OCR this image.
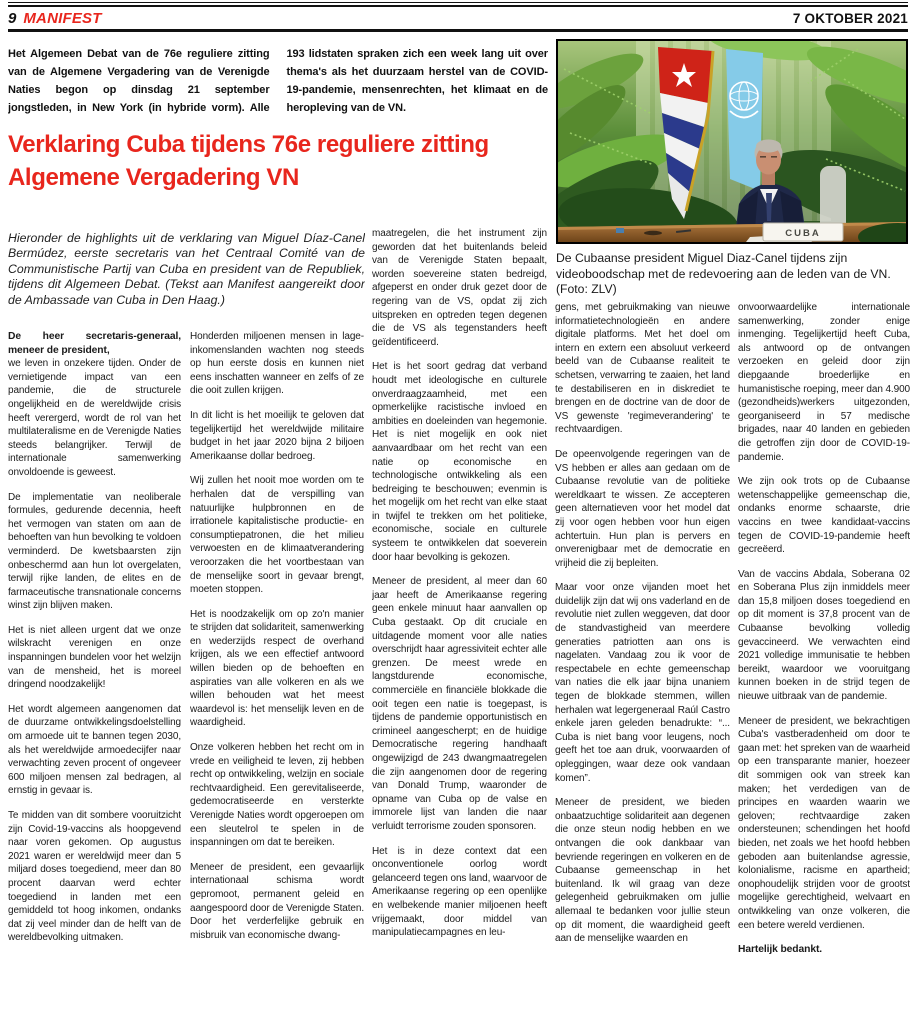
9 MANIFEST	7 OKTOBER 2021
Het Algemeen Debat van de 76e reguliere zitting van de Algemene Vergadering van de Verenigde Naties begon op dinsdag 21 september jongstleden, in New York (in hybride vorm). Alle 193 lidstaten spraken zich een week lang uit over thema's als het duurzaam herstel van de COVID-19-pandemie, mensenrechten, het klimaat en de heropleving van de VN.
Verklaring Cuba tijdens 76e reguliere zitting Algemene Vergadering VN
Hieronder de highlights uit de verklaring van Miguel Díaz-Canel Bermúdez, eerste secretaris van het Centraal Comité van de Communistische Partij van Cuba en president van de Republiek, tijdens dit Algemeen Debat. (Tekst aan Manifest aangereikt door de Ambassade van Cuba in Den Haag.)
CUBA
De Cubaanse president Miguel Diaz-Canel tijdens zijn videoboodschap met de redevoering aan de leden van de VN. (Foto: ZLV)
De heer secretaris-generaal, meneer de president,

we leven in onzekere tijden. Onder de vernietigende impact van een pandemie, die de structurele ongelijkheid en de wereldwijde crisis heeft verergerd, wordt de rol van het multilateralisme en de Verenigde Naties steeds belangrijker. Terwijl de internationale samenwerking onvoldoende is geweest.

De implementatie van neoliberale formules, gedurende decennia, heeft het vermogen van staten om aan de behoeften van hun bevolking te voldoen verminderd. De kwetsbaarsten zijn onbeschermd aan hun lot overgelaten, terwijl rijke landen, de elites en de farmaceutische transnationale concerns winst zijn blijven maken.

Het is niet alleen urgent dat we onze wilskracht verenigen en onze inspanningen bundelen voor het welzijn van de mensheid, het is moreel dringend noodzakelijk!

Het wordt algemeen aangenomen dat de duurzame ontwikkelingsdoelstelling om armoede uit te bannen tegen 2030, als het wereldwijde armoedecijfer naar verwachting zeven procent of ongeveer 600 miljoen mensen zal bedragen, al ernstig in gevaar is.

Te midden van dit sombere vooruitzicht zijn Covid-19-vaccins als hoopgevend naar voren gekomen. Op augustus 2021 waren er wereldwijd meer dan 5 miljard doses toegediend, meer dan 80 procent daarvan werd echter toegediend in landen met een gemiddeld tot hoog inkomen, ondanks dat zij veel minder dan de helft van de wereldbevolking uitmaken.

Honderden miljoenen mensen in lage-inkomenslanden wachten nog steeds op hun eerste dosis en kunnen niet eens inschatten wanneer en zelfs of ze die ooit zullen krijgen.

In dit licht is het moeilijk te geloven dat tegelijkertijd het wereldwijde militaire budget in het jaar 2020 bijna 2 biljoen Amerikaanse dollar bedroeg.

Wij zullen het nooit moe worden om te herhalen dat de verspilling van natuurlijke hulpbronnen en de irrationele kapitalistische productie- en consumptiepatronen, die het milieu verwoesten en de klimaatverandering veroorzaken die het voortbestaan van de menselijke soort in gevaar brengt, moeten stoppen.

Het is noodzakelijk om op zo'n manier te strijden dat solidariteit, samenwerking en wederzijds respect de overhand krijgen, als we een effectief antwoord willen bieden op de behoeften en aspiraties van alle volkeren en als we willen behouden wat het meest waardevol is: het menselijk leven en de waardigheid.

Onze volkeren hebben het recht om in vrede en veiligheid te leven, zij hebben recht op ontwikkeling, welzijn en sociale rechtvaardigheid. Een gerevitaliseerde, gedemocratiseerde en versterkte Verenigde Naties wordt opgeroepen om een sleutelrol te spelen in de inspanningen om dat te bereiken.

Meneer de president, een gevaarlijk internationaal schisma wordt gepromoot, permanent geleid en aangespoord door de Verenigde Staten. Door het verderfelijke gebruik en misbruik van economische dwang-

maatregelen, die het instrument zijn geworden dat het buitenlands beleid van de Verenigde Staten bepaalt, worden soevereine staten bedreigd, afgeperst en onder druk gezet door de regering van de VS, opdat zij zich uitspreken en optreden tegen degenen die de VS als tegenstanders heeft geïdentificeerd.

Het is het soort gedrag dat verband houdt met ideologische en culturele onverdraagzaamheid, met een opmerkelijke racistische invloed en ambities en doeleinden van hegemonie. Het is niet mogelijk en ook niet aanvaardbaar om het recht van een natie op economische en technologische ontwikkeling als een bedreiging te beschouwen; evenmin is het mogelijk om het recht van elke staat in twijfel te trekken om het politieke, economische, sociale en culturele systeem te ontwikkelen dat soeverein door haar bevolking is gekozen.

Meneer de president, al meer dan 60 jaar heeft de Amerikaanse regering geen enkele minuut haar aanvallen op Cuba gestaakt. Op dit cruciale en uitdagende moment voor alle naties overschrijdt haar agressiviteit echter alle grenzen. De meest wrede en langstdurende economische, commerciële en financiële blokkade die ooit tegen een natie is toegepast, is tijdens de pandemie opportunistisch en crimineel aangescherpt; en de huidige Democratische regering handhaaft ongewijzigd de 243 dwangmaatregelen die zijn aangenomen door de regering van Donald Trump, waaronder de opname van Cuba op de valse en immorele lijst van landen die naar verluidt terrorisme zouden sponsoren.

Het is in deze context dat een onconventionele oorlog wordt gelanceerd tegen ons land, waarvoor de Amerikaanse regering op een openlijke en welbekende manier miljoenen heeft vrijgemaakt, door middel van manipulatiecampagnes en leu-

gens, met gebruikmaking van nieuwe informatietechnologieën en andere digitale platforms. Met het doel om intern en extern een absoluut verkeerd beeld van de Cubaanse realiteit te schetsen, verwarring te zaaien, het land te destabiliseren en in diskrediet te brengen en de doctrine van de door de VS gewenste 'regimeverandering' te rechtvaardigen.

De opeenvolgende regeringen van de VS hebben er alles aan gedaan om de Cubaanse revolutie van de politieke wereldkaart te wissen. Ze accepteren geen alternatieven voor het model dat zij voor ogen hebben voor hun eigen achtertuin. Hun plan is pervers en onverenigbaar met de democratie en vrijheid die zij bepleiten.

Maar voor onze vijanden moet het duidelijk zijn dat wij ons vaderland en de revolutie niet zullen weggeven, dat door de standvastigheid van meerdere generaties patriotten aan ons is nagelaten. Vandaag zou ik voor de respectabele en echte gemeenschap van naties die elk jaar bijna unaniem tegen de blokkade stemmen, willen herhalen wat legergeneraal Raúl Castro enkele jaren geleden benadrukte: “... Cuba is niet bang voor leugens, noch geeft het toe aan druk, voorwaarden of opleggingen, waar deze ook vandaan komen”.

Meneer de president, we bieden onbaatzuchtige solidariteit aan degenen die onze steun nodig hebben en we ontvangen die ook dankbaar van bevriende regeringen en volkeren en de Cubaanse gemeenschap in het buitenland. Ik wil graag van deze gelegenheid gebruikmaken om jullie allemaal te bedanken voor jullie steun op dit moment, die waardigheid geeft aan de menselijke waarden en

onvoorwaardelijke internationale samenwerking, zonder enige inmenging. Tegelijkertijd heeft Cuba, als antwoord op de ontvangen verzoeken en geleid door zijn diepgaande broederlijke en humanistische roeping, meer dan 4.900 (gezondheids)werkers uitgezonden, georganiseerd in 57 medische brigades, naar 40 landen en gebieden die getroffen zijn door de COVID-19-pandemie.

We zijn ook trots op de Cubaanse wetenschappelijke gemeenschap die, ondanks enorme schaarste, drie vaccins en twee kandidaat-vaccins tegen de COVID-19-pandemie heeft gecreëerd.

Van de vaccins Abdala, Soberana 02 en Soberana Plus zijn inmiddels meer dan 15,8 miljoen doses toegediend en op dit moment is 37,8 procent van de Cubaanse bevolking volledig gevaccineerd. We verwachten eind 2021 volledige immunisatie te hebben bereikt, waardoor we vooruitgang kunnen boeken in de strijd tegen de nieuwe uitbraak van de pandemie.

Meneer de president, we bekrachtigen Cuba's vastberadenheid om door te gaan met: het spreken van de waarheid op een transparante manier, hoezeer dit sommigen ook van streek kan maken; het verdedigen van de principes en waarden waarin we geloven; rechtvaardige zaken ondersteunen; schendingen het hoofd bieden, net zoals we het hoofd hebben geboden aan buitenlandse agressie, kolonialisme, racisme en apartheid; onophoudelijk strijden voor de grootst mogelijke gerechtigheid, welvaart en ontwikkeling van onze volkeren, die een betere wereld verdienen.

Hartelijk bedankt.
